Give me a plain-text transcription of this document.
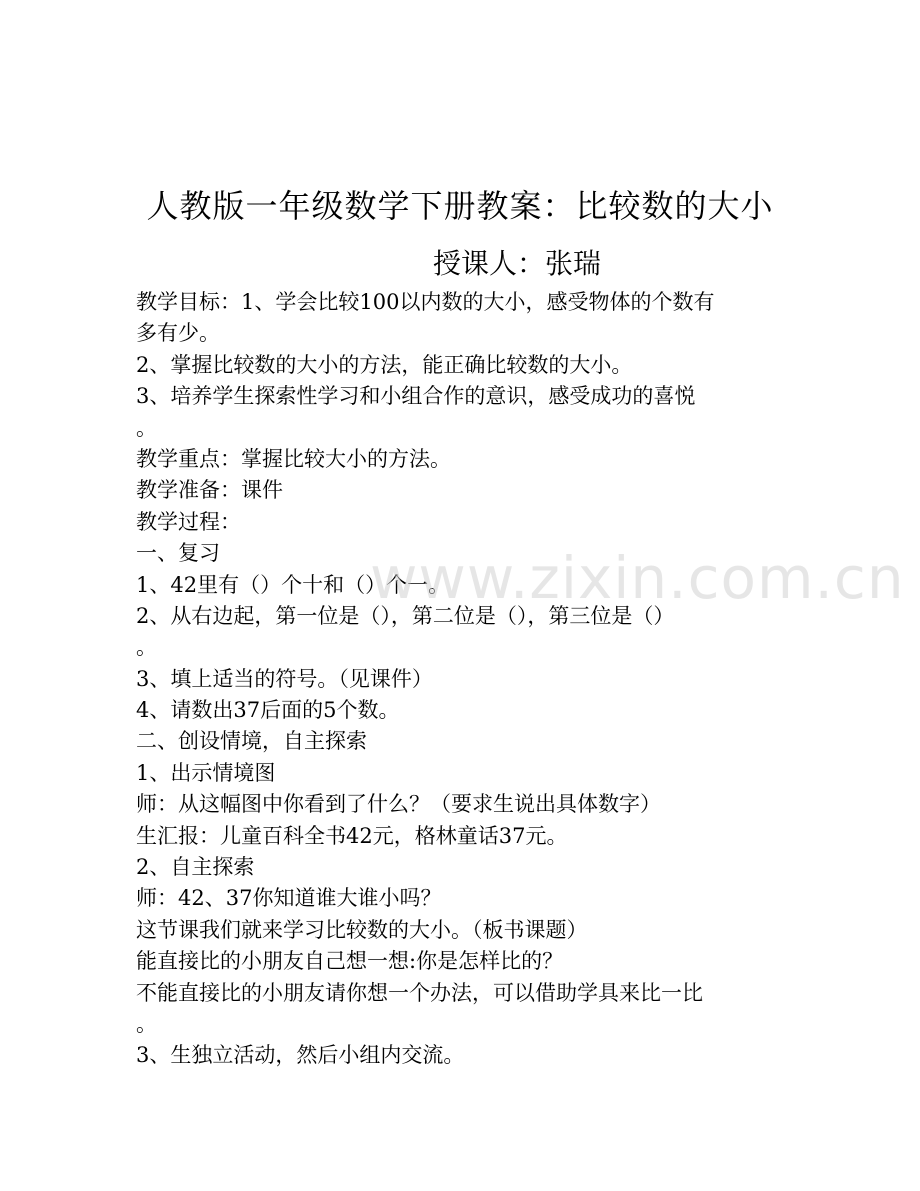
人教版一年级数学下册教案：比较数的大小
授课人：张瑞
教学目标：1、学会比较100以内数的大小，感受物体的个数有
多有少。
2、掌握比较数的大小的方法，能正确比较数的大小。
3、培养学生探索性学习和小组合作的意识，感受成功的喜悦
。
教学重点：掌握比较大小的方法。
教学准备：课件
教学过程：
一、复习
1、42里有（）个十和（）个一。
2、从右边起，第一位是（），第二位是（），第三位是（）
。
3、填上适当的符号。（见课件）
4、请数出37后面的5个数。
二、创设情境，自主探索
1、出示情境图
师：从这幅图中你看到了什么？（要求生说出具体数字）
生汇报：儿童百科全书42元，格林童话37元。
2、自主探索
师：42、37你知道谁大谁小吗？
这节课我们就来学习比较数的大小。（板书课题）
能直接比的小朋友自己想一想:你是怎样比的？
不能直接比的小朋友请你想一个办法，可以借助学具来比一比
。
3、生独立活动，然后小组内交流。
www.zixin.com.cn
